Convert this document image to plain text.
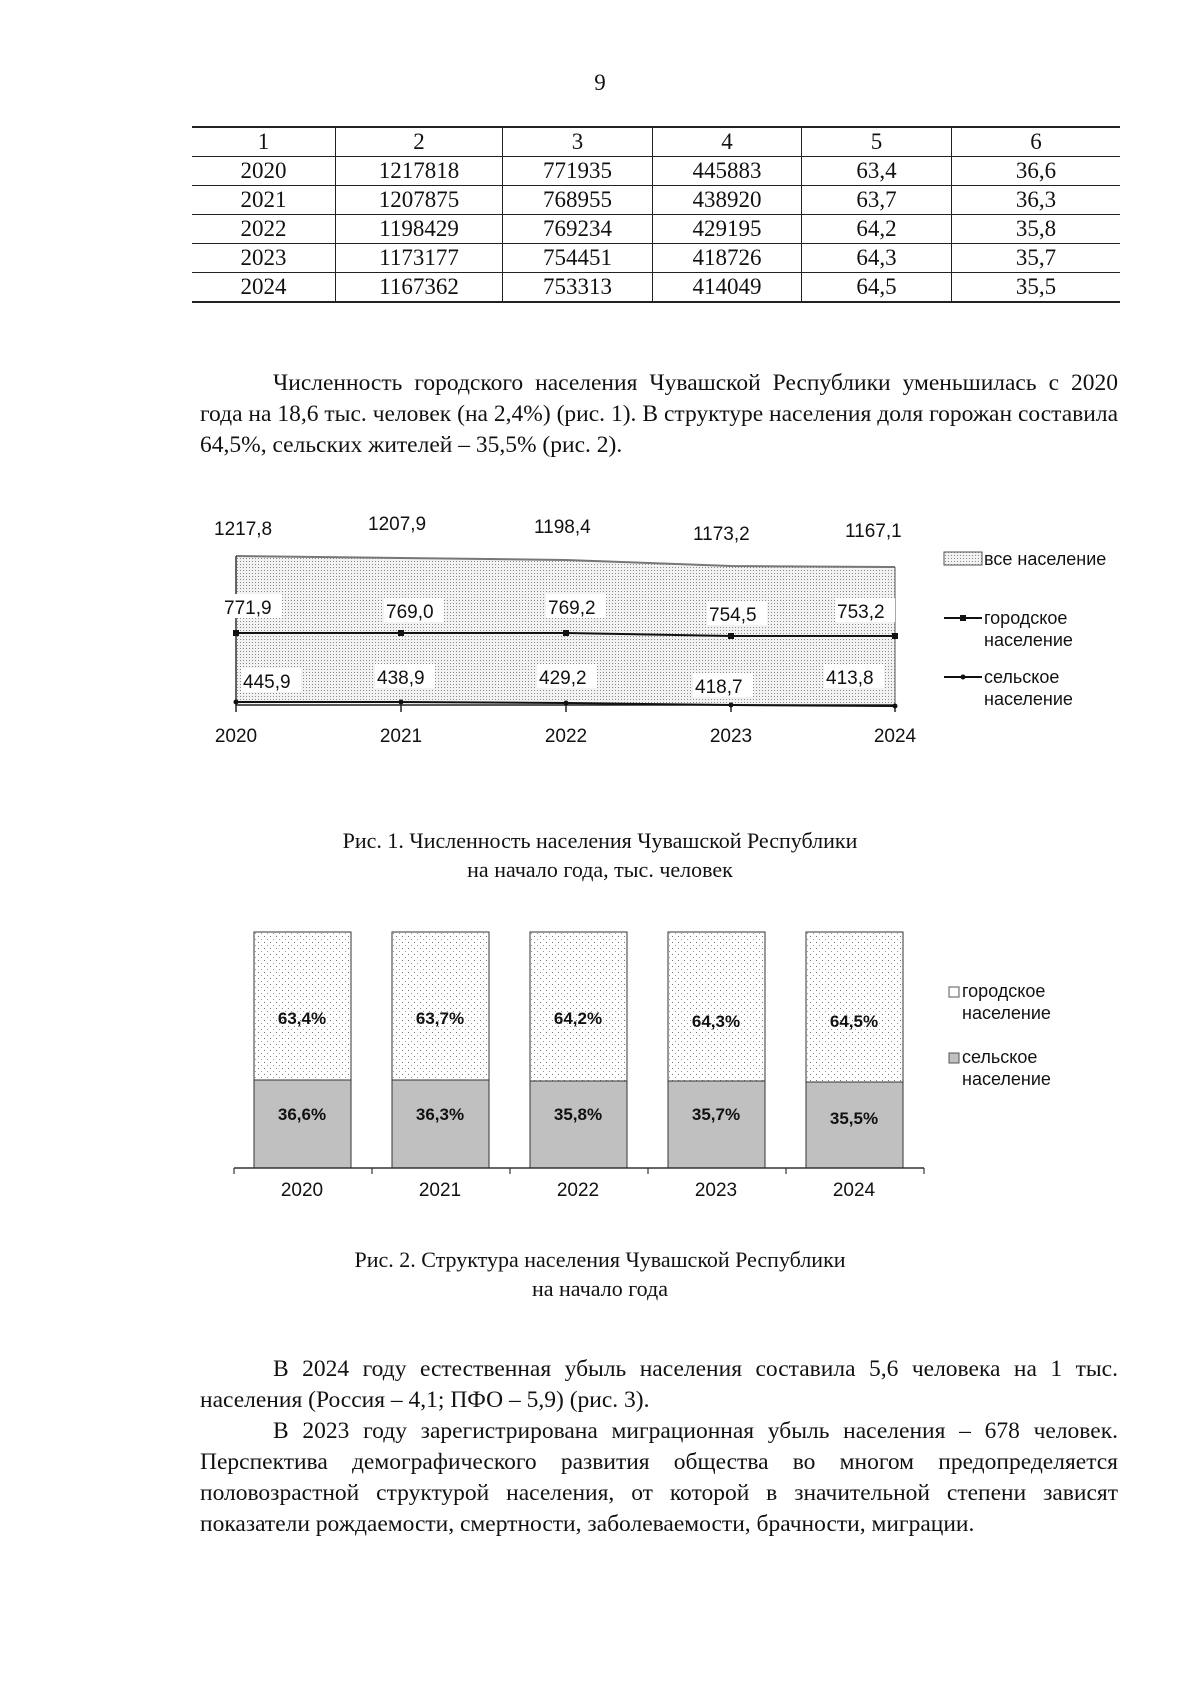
9
1	2	3	4	5	6
2020	1217818	771935	445883	63,4	36,6
2021	1207875	768955	438920	63,7	36,3
2022	1198429	769234	429195	64,2	35,8
2023	1173177	754451	418726	64,3	35,7
2024	1167362	753313	414049	64,5	35,5

Численность городского населения Чувашской Республики уменьшилась с 2020 года на 18,6 тыс. человек (на 2,4%) (рис. 1). В структуре населения доля горожан составила 64,5%, сельских жителей – 35,5% (рис. 2).

1217,8	1207,9	1198,4	1173,2	1167,1
771,9	769,0	769,2	754,5	753,2
445,9	438,9	429,2	418,7	413,8
2020	2021	2022	2023	2024
все население
городское
население
сельское
население
Рис. 1. Численность населения Чувашской Республики
на начало года, тыс. человек
63,4%	63,7%	64,2%	64,3%	64,5%
36,6%	36,3%	35,8%	35,7%	35,5%
2020	2021	2022	2023	2024
городское
население
сельское
население
Рис. 2. Структура населения Чувашской Республики
на начало года

В 2024 году естественная убыль населения составила 5,6 человека на 1 тыс. населения (Россия – 4,1; ПФО – 5,9) (рис. 3).

В 2023 году зарегистрирована миграционная убыль населения – 678 человек. Перспектива демографического развития общества во многом предопределяется половозрастной структурой населения, от которой в значительной степени зависят показатели рождаемости, смертности, заболеваемости, брачности, миграции.
